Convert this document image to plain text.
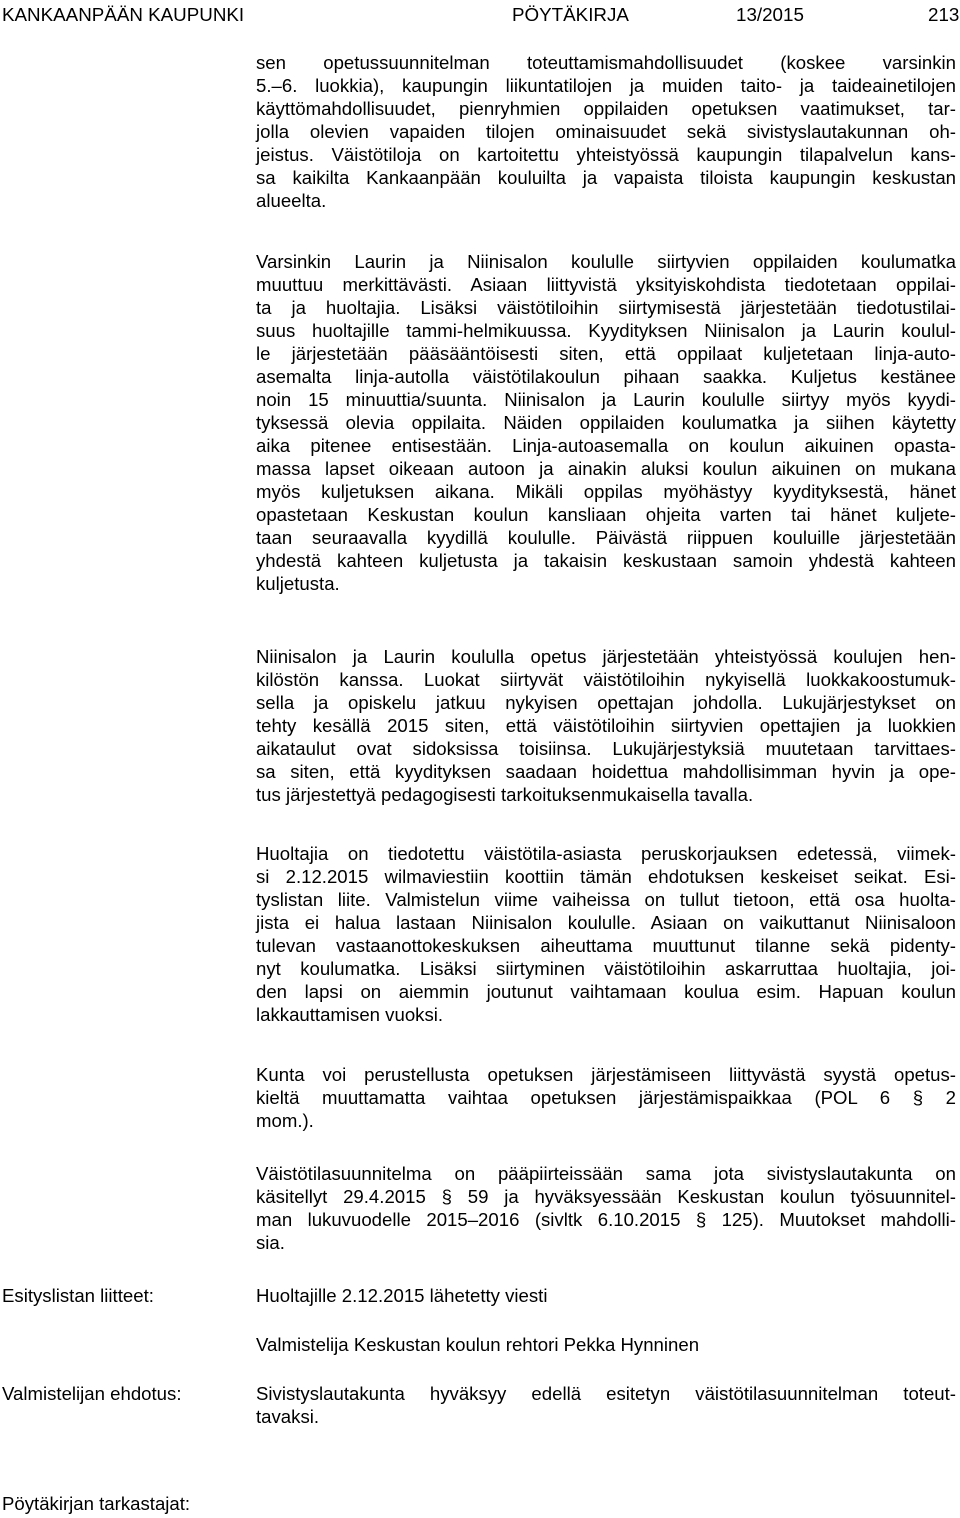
KANKAANPÄÄN KAUPUNKI	PÖYTÄKIRJA	13/2015	213
sen opetussuunnitelman toteuttamismahdollisuudet (koskee varsinkin
5.–6. luokkia), kaupungin liikuntatilojen ja muiden taito- ja taideainetilojen
käyttömahdollisuudet, pienryhmien oppilaiden opetuksen vaatimukset, tar-
jolla olevien vapaiden tilojen ominaisuudet sekä sivistyslautakunnan oh-
jeistus. Väistötiloja on kartoitettu yhteistyössä kaupungin tilapalvelun kans-
sa kaikilta Kankaanpään kouluilta ja vapaista tiloista kaupungin keskustan
alueelta.
Varsinkin Laurin ja Niinisalon koululle siirtyvien oppilaiden koulumatka
muuttuu merkittävästi. Asiaan liittyvistä yksityiskohdista tiedotetaan oppilai-
ta ja huoltajia. Lisäksi väistötiloihin siirtymisestä järjestetään tiedotustilai-
suus huoltajille tammi-helmikuussa. Kyydityksen Niinisalon ja Laurin koulul-
le järjestetään pääsääntöisesti siten, että oppilaat kuljetetaan linja-auto-
asemalta linja-autolla väistötilakoulun pihaan saakka. Kuljetus kestänee
noin 15 minuuttia/suunta. Niinisalon ja Laurin koululle siirtyy myös kyydi-
tyksessä olevia oppilaita. Näiden oppilaiden koulumatka ja siihen käytetty
aika pitenee entisestään. Linja-autoasemalla on koulun aikuinen opasta-
massa lapset oikeaan autoon ja ainakin aluksi koulun aikuinen on mukana
myös kuljetuksen aikana. Mikäli oppilas myöhästyy kyydityksestä, hänet
opastetaan Keskustan koulun kansliaan ohjeita varten tai hänet kuljete-
taan seuraavalla kyydillä koululle. Päivästä riippuen kouluille järjestetään
yhdestä kahteen kuljetusta ja takaisin keskustaan samoin yhdestä kahteen
kuljetusta.
Niinisalon ja Laurin koululla opetus järjestetään yhteistyössä koulujen hen-
kilöstön kanssa. Luokat siirtyvät väistötiloihin nykyisellä luokkakoostumuk-
sella ja opiskelu jatkuu nykyisen opettajan johdolla. Lukujärjestykset on
tehty kesällä 2015 siten, että väistötiloihin siirtyvien opettajien ja luokkien
aikataulut ovat sidoksissa toisiinsa. Lukujärjestyksiä muutetaan tarvittaes-
sa siten, että kyydityksen saadaan hoidettua mahdollisimman hyvin ja ope-
tus järjestettyä pedagogisesti tarkoituksenmukaisella tavalla.
Huoltajia on tiedotettu väistötila-asiasta peruskorjauksen edetessä, viimek-
si 2.12.2015 wilmaviestiin koottiin tämän ehdotuksen keskeiset seikat. Esi-
tyslistan liite. Valmistelun viime vaiheissa on tullut tietoon, että osa huolta-
jista ei halua lastaan Niinisalon koululle. Asiaan on vaikuttanut Niinisaloon
tulevan vastaanottokeskuksen aiheuttama muuttunut tilanne sekä pidenty-
nyt koulumatka. Lisäksi siirtyminen väistötiloihin askarruttaa huoltajia, joi-
den lapsi on aiemmin joutunut vaihtamaan koulua esim. Hapuan koulun
lakkauttamisen vuoksi.
Kunta voi perustellusta opetuksen järjestämiseen liittyvästä syystä opetus-
kieltä muuttamatta vaihtaa opetuksen järjestämispaikkaa (POL 6 § 2
mom.).
Väistötilasuunnitelma on pääpiirteissään sama jota sivistyslautakunta on
käsitellyt 29.4.2015 § 59 ja hyväksyessään Keskustan koulun työsuunnitel-
man lukuvuodelle 2015–2016 (sivltk 6.10.2015 § 125). Muutokset mahdolli-
sia.
Esityslistan liitteet:	Huoltajille 2.12.2015 lähetetty viesti
Valmistelija Keskustan koulun rehtori Pekka Hynninen
Valmistelijan ehdotus:	Sivistyslautakunta hyväksyy edellä esitetyn väistötilasuunnitelman toteut-
tavaksi.
Pöytäkirjan tarkastajat:
